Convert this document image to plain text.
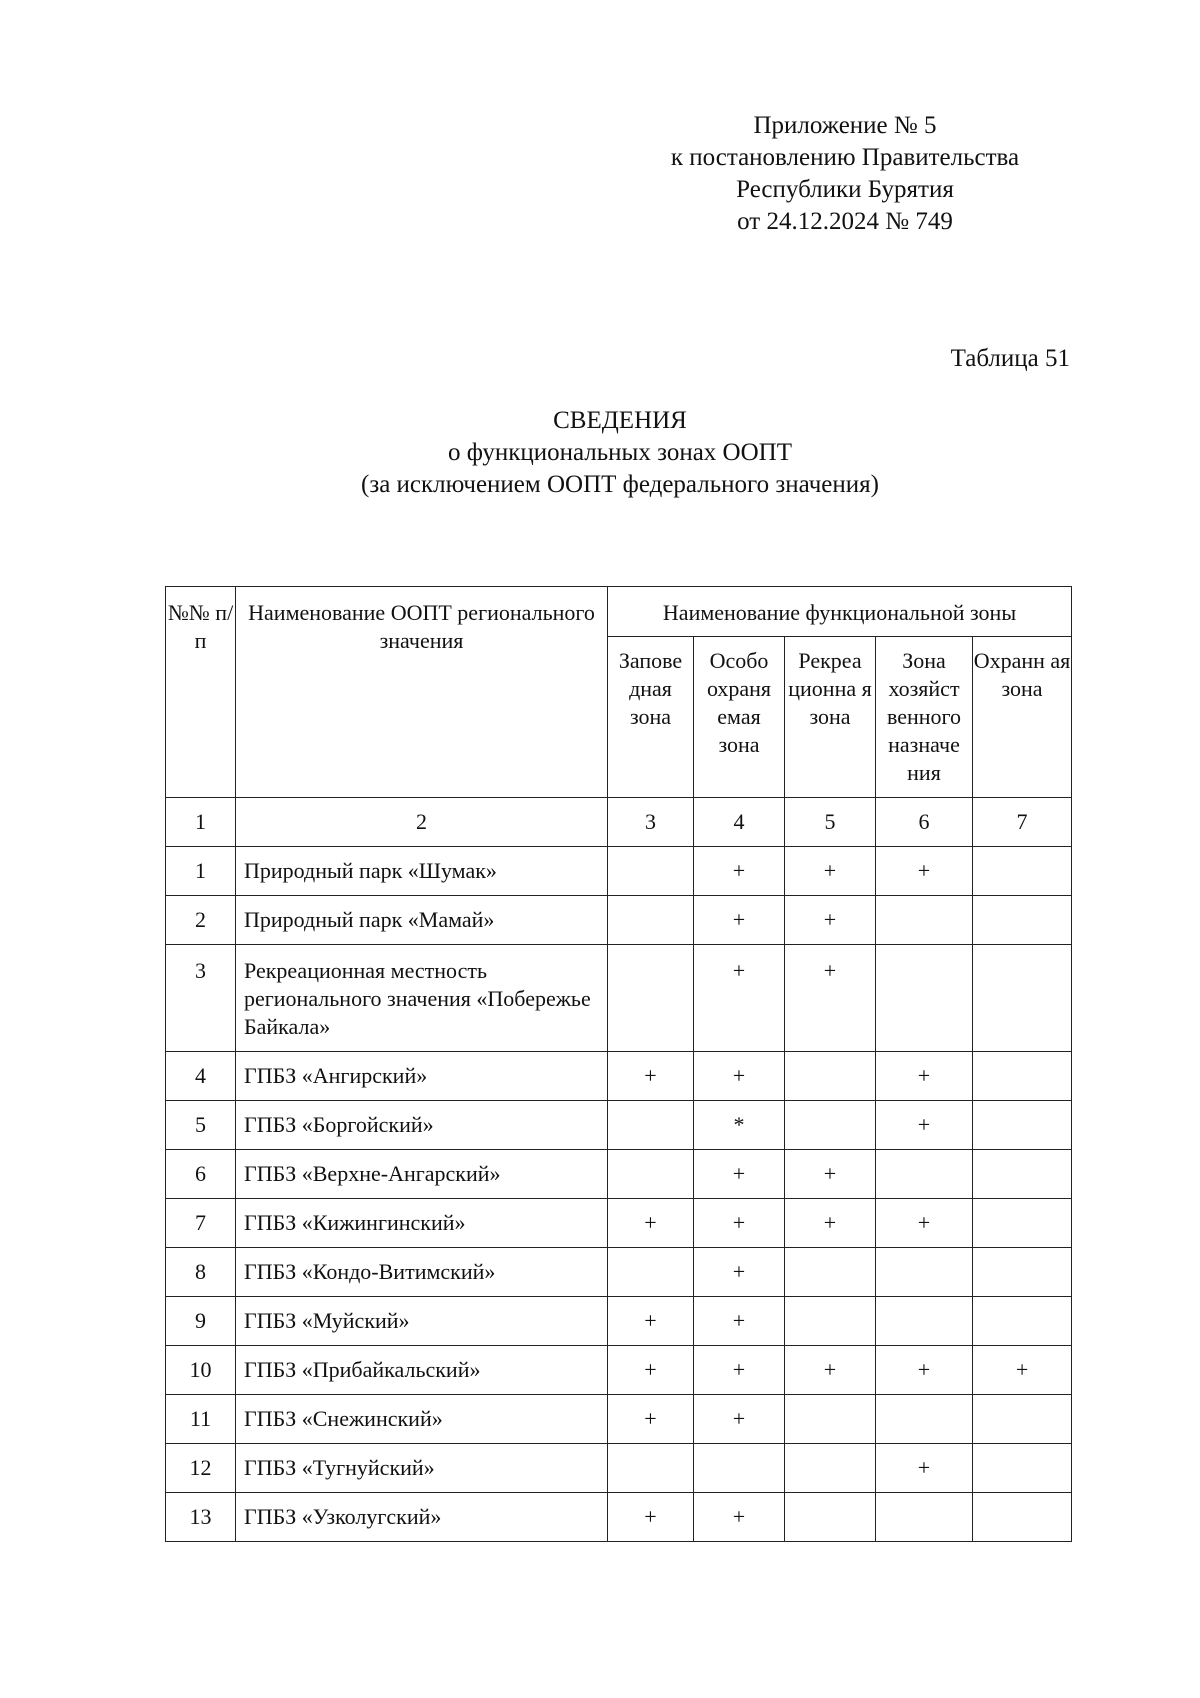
Приложение № 5
к постановлению Правительства
Республики Бурятия
от 24.12.2024 № 749
Таблица 51
СВЕДЕНИЯ
о функциональных зонах ООПТ
(за исключением ООПТ федерального значения)
№№ п/п	Наименование ООПТ регионального значения	Наименование функциональной зоны				
		Запове дная зона	Особо охраня емая зона	Рекреа ционна я зона	Зона хозяйст венного назначе ния	Охранн ая зона
1	2	3	4	5	6	7
1	Природный парк «Шумак»		+	+	+	
2	Природный парк «Мамай»		+	+		
3	Рекреационная местность регионального значения «Побережье Байкала»		+	+		
4	ГПБЗ «Ангирский»	+	+		+	
5	ГПБЗ «Боргойский»		*		+	
6	ГПБЗ «Верхне-Ангарский»		+	+		
7	ГПБЗ «Кижингинский»	+	+	+	+	
8	ГПБЗ «Кондо-Витимский»		+			
9	ГПБЗ «Муйский»	+	+			
10	ГПБЗ «Прибайкальский»	+	+	+	+	+
11	ГПБЗ «Снежинский»	+	+			
12	ГПБЗ «Тугнуйский»				+	
13	ГПБЗ «Узколугский»	+	+			
